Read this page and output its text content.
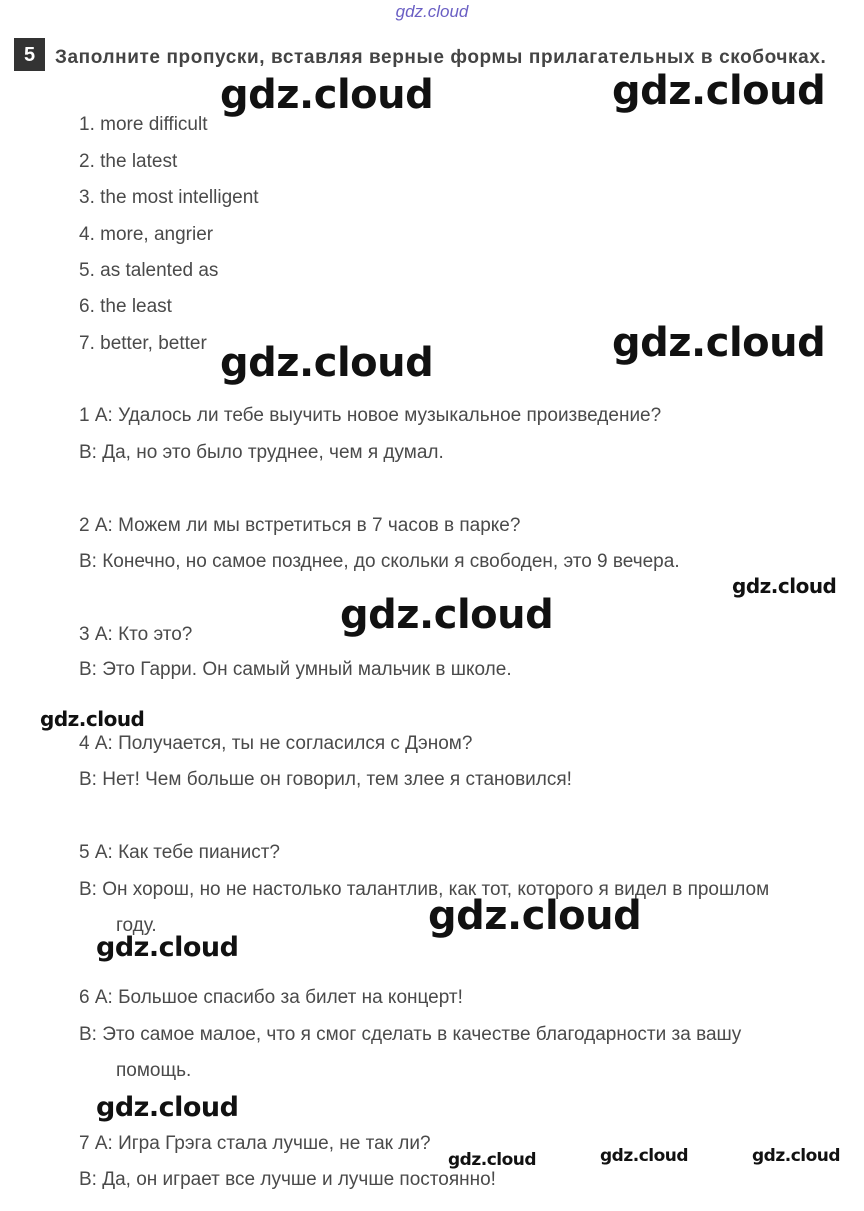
gdz.cloud
5	Заполните пропуски, вставляя верные формы прилагательных в скобочках.
1. more difficult
2. the latest
3. the most intelligent
4. more, angrier
5. as talented as
6. the least
7. better, better
1 А: Удалось ли тебе выучить новое музыкальное произведение?
В: Да, но это было труднее, чем я думал.
2 А: Можем ли мы встретиться в 7 часов в парке?
В: Конечно, но самое позднее, до скольки я свободен, это 9 вечера.
3 А: Кто это?
В: Это Гарри. Он самый умный мальчик в школе.
4 А: Получается, ты не согласился с Дэном?
В: Нет! Чем больше он говорил, тем злее я становился!
5 А: Как тебе пианист?
В: Он хорош, но не настолько талантлив, как тот, которого я видел в прошлом
году.
6 А: Большое спасибо за билет на концерт!
В: Это самое малое, что я смог сделать в качестве благодарности за вашу
помощь.
7 А: Игра Грэга стала лучше, не так ли?
В: Да, он играет все лучше и лучше постоянно!
gdz.cloud	gdz.cloud
gdz.cloud	gdz.cloud
gdz.cloud
gdz.cloud
gdz.cloud
gdz.cloud
gdz.cloud
gdz.cloud
gdz.cloud	gdz.cloud	gdz.cloud
